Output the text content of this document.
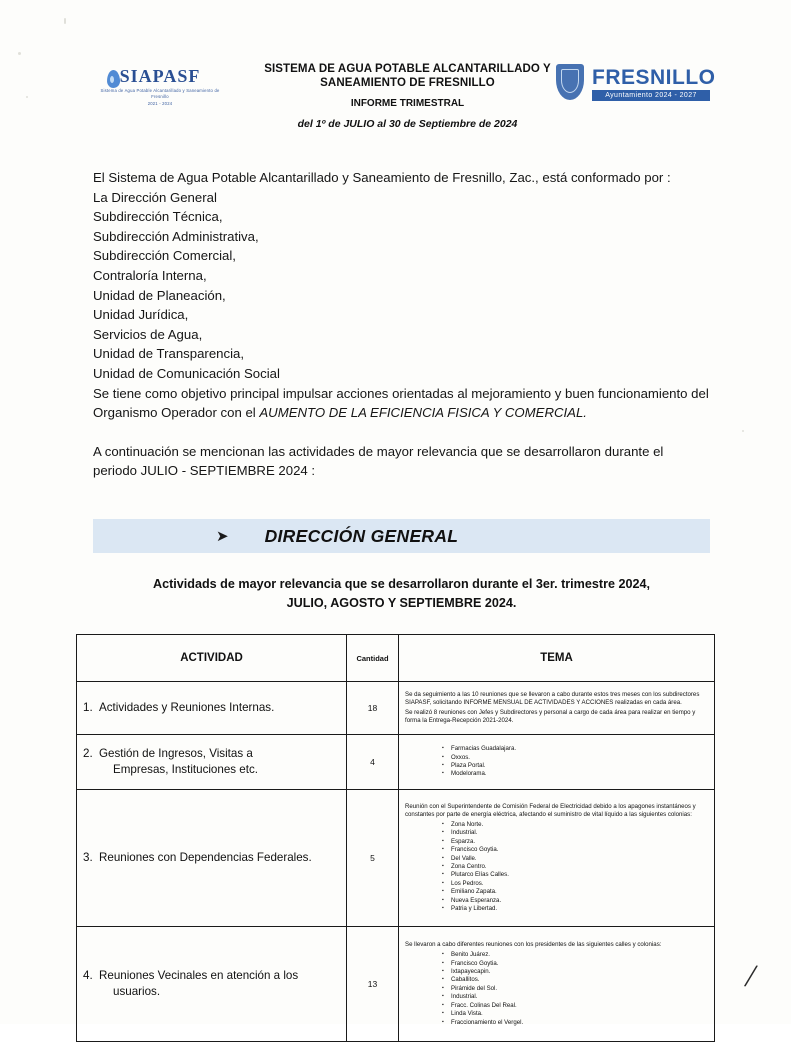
SIAPASF
Sistema de Agua Potable Alcantarillado y Saneamiento de Fresnillo
2021 - 2024
SISTEMA DE AGUA POTABLE ALCANTARILLADO Y
SANEAMIENTO DE FRESNILLO
INFORME TRIMESTRAL
del 1º de JULIO al 30 de Septiembre de 2024
FRESNILLO
Ayuntamiento 2024 - 2027

El Sistema de Agua Potable Alcantarillado y Saneamiento de Fresnillo, Zac., está conformado por :

La Dirección General
Subdirección Técnica,
Subdirección Administrativa,
Subdirección Comercial,
Contraloría Interna,
Unidad de Planeación,
Unidad Jurídica,
Servicios de Agua,
Unidad de Transparencia,
Unidad de Comunicación Social

Se tiene como objetivo principal impulsar acciones orientadas al mejoramiento y buen funcionamiento del Organismo Operador con el AUMENTO DE LA EFICIENCIA FISICA Y COMERCIAL.

A continuación se mencionan las actividades de mayor relevancia que se desarrollaron durante el periodo JULIO - SEPTIEMBRE 2024 :

➤ DIRECCIÓN GENERAL
Actividads de mayor relevancia que se desarrollaron durante el 3er. trimestre 2024,
JULIO, AGOSTO Y SEPTIEMBRE 2024.
ACTIVIDAD	Cantidad	TEMA
1. Actividades y Reuniones Internas.	18	Se da seguimiento a las 10 reuniones que se llevaron a cabo durante estos tres meses con los subdirectores SIAPASF, solicitando INFORME MENSUAL DE ACTIVIDADES Y ACCIONES realizadas en cada área.
Se realizó 8 reuniones con Jefes y Subdirectores y personal a cargo de cada área para realizar en tiempo y forma la Entrega-Recepción 2021-2024.

2. Gestión de Ingresos, Visitas a
Empresas, Instituciones etc.
	4	
▪ Farmacias Guadalajara.
▪ Oxxos.
▪ Plaza Portal.
▪ Modelorama.

3. Reuniones con Dependencias Federales.	5	
Reunión con el Superintendente de Comisión Federal de Electricidad debido a los apagones instantáneos y constantes por parte de energía eléctrica, afectando el suministro de vital líquido a las siguientes colonias:
▪ Zona Norte.
▪ Industrial.
▪ Esparza.
▪ Francisco Goytia.
▪ Del Valle.
▪ Zona Centro.
▪ Plutarco Elías Calles.
▪ Los Pedros.
▪ Emiliano Zapata.
▪ Nueva Esperanza.
▪ Patria y Libertad.

4. Reuniones Vecinales en atención a los
usuarios.
	13	
Se llevaron a cabo diferentes reuniones con los presidentes de las siguientes calles y colonias:
▪ Benito Juárez.
▪ Francisco Goytia.
▪ Ixtapayecapin.
▪ Caballitos.
▪ Pirámide del Sol.
▪ Industrial.
▪ Fracc. Colinas Del Real.
▪ Linda Vista.
▪ Fraccionamiento el Vergel.
/
